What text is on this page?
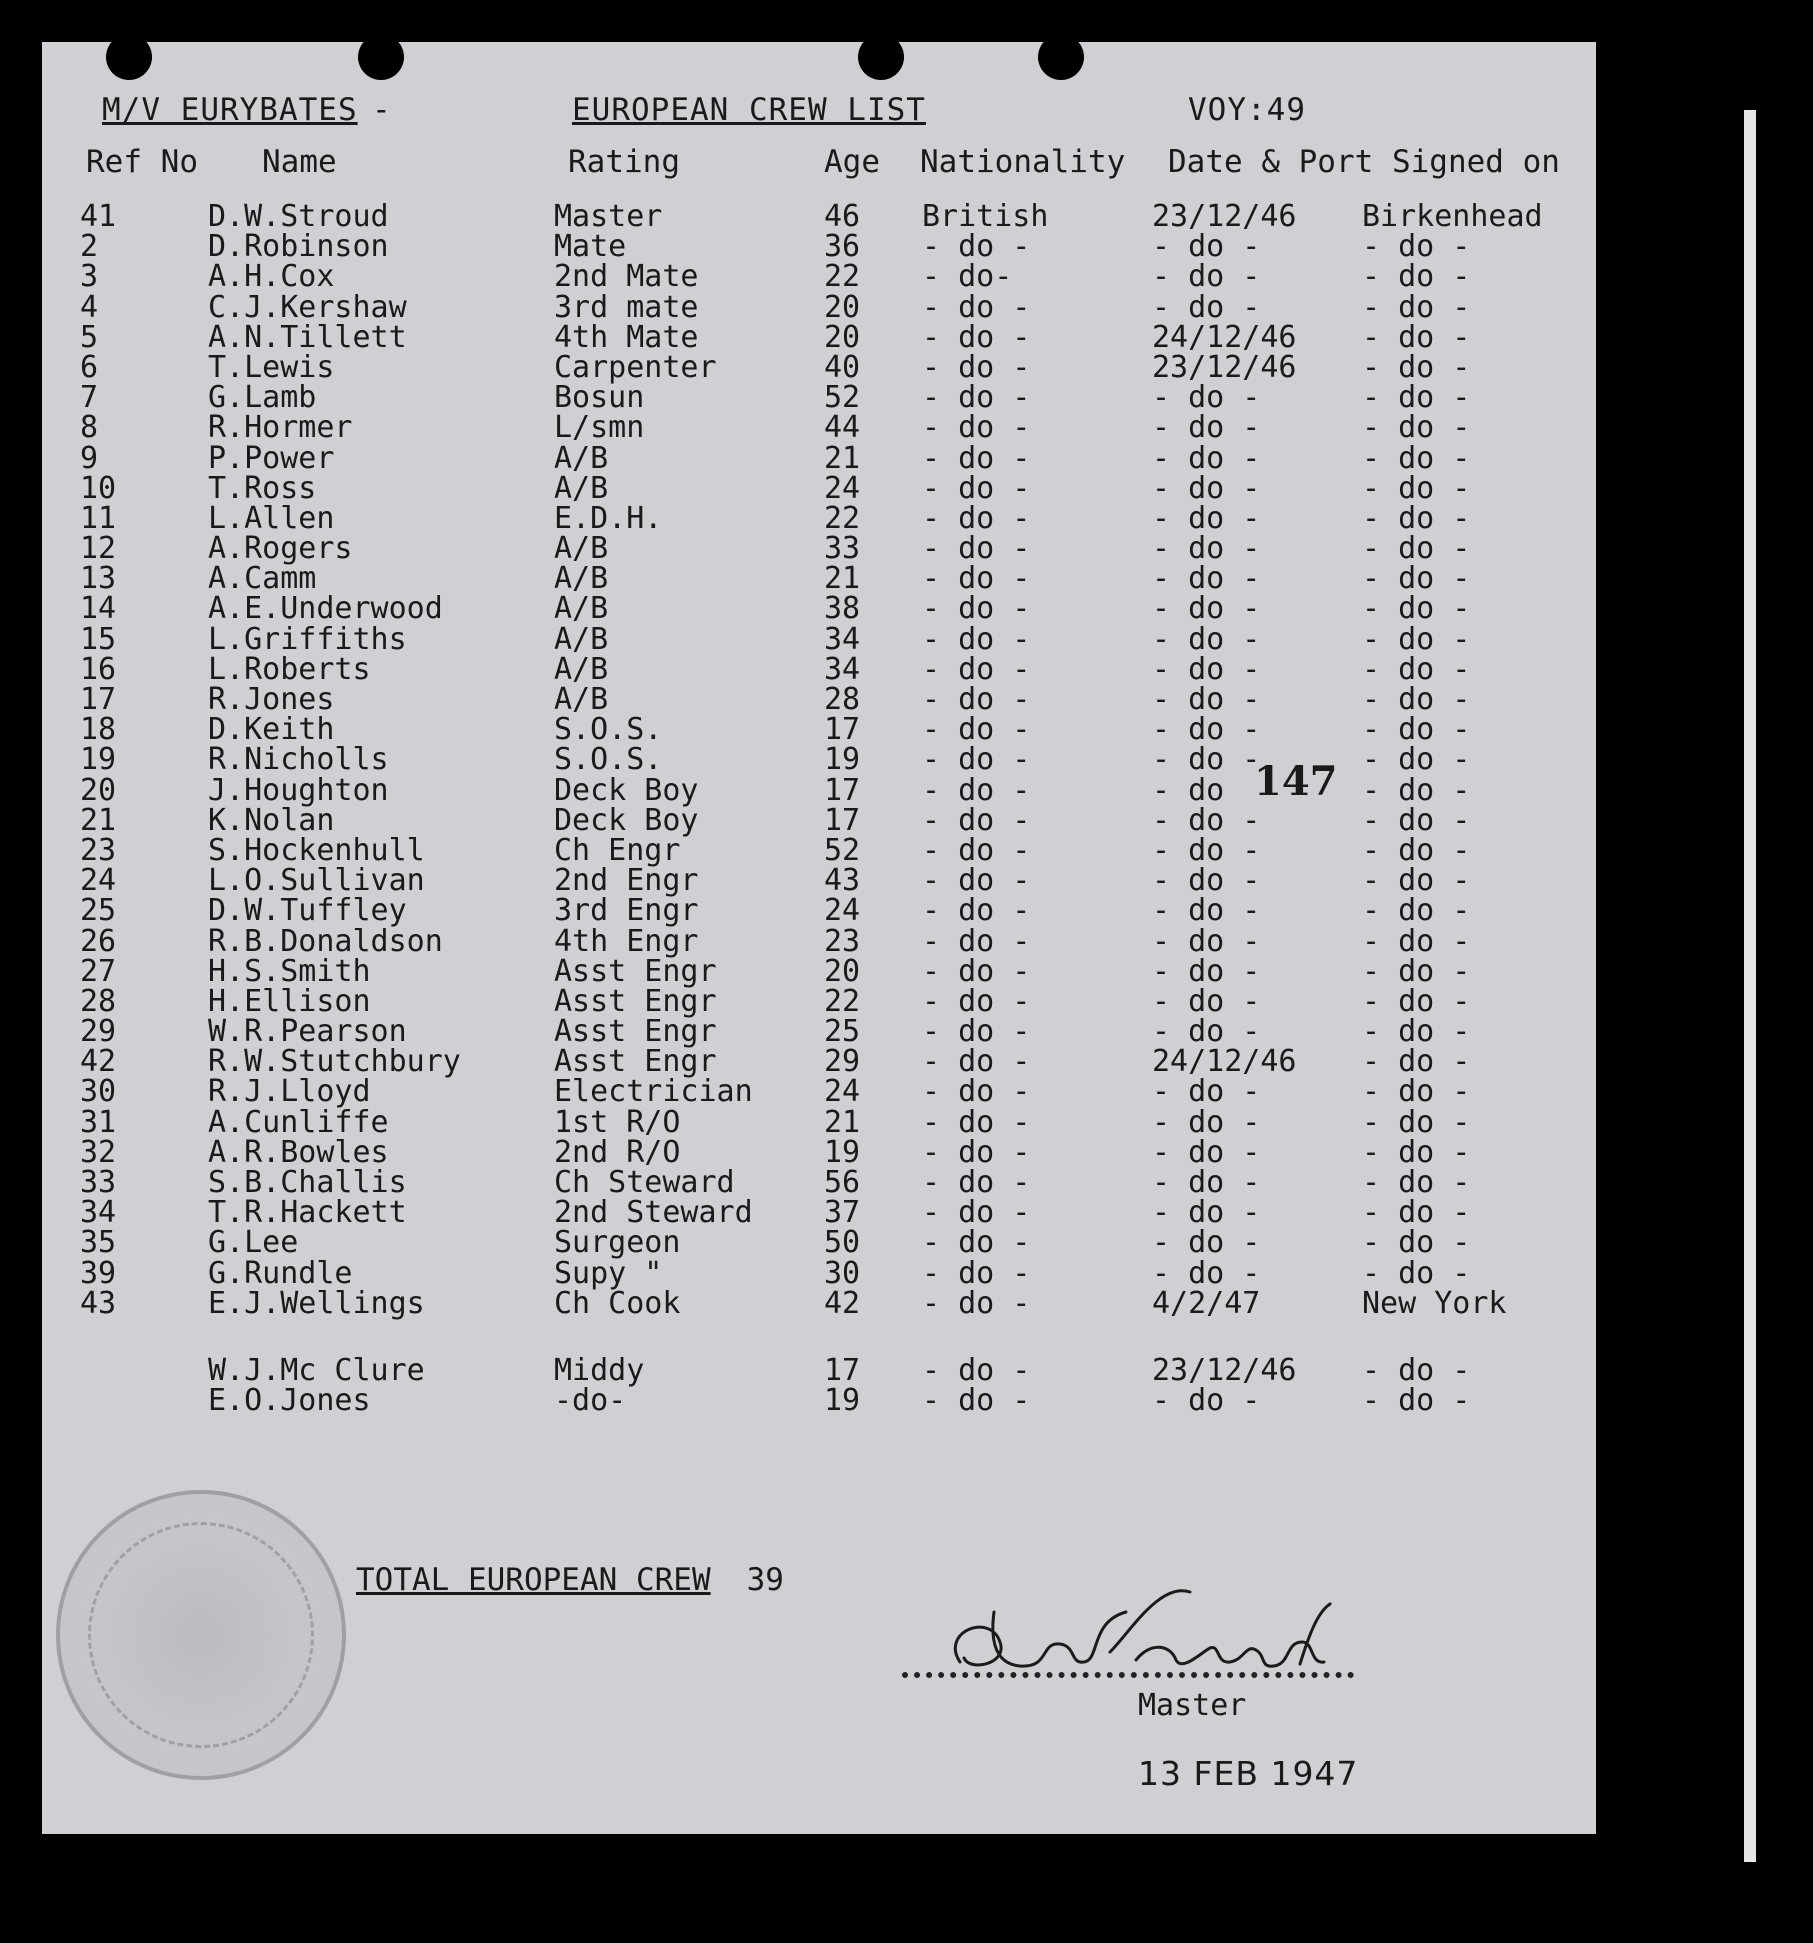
M/V EURYBATES -	EUROPEAN CREW LIST	VOY:49
Ref No Name	Rating	Age Nationality Date & Port Signed on
41	D.W.Stroud	Master	46 British	23/12/46 Birkenhead
2	D.Robinson	Mate	36 - do -	- do -	- do -
3	A.H.Cox	2nd Mate	22 - do-	- do -	- do -
4	C.J.Kershaw	3rd mate	20 - do -	- do -	- do -
5	A.N.Tillett	4th Mate	20 - do -	24/12/46 - do -
6	T.Lewis	Carpenter	40 - do -	23/12/46 - do -
7	G.Lamb	Bosun	52 - do -	- do -	- do -
8	R.Hormer	L/smn	44 - do -	- do -	- do -
9	P.Power	A/B	21 - do -	- do -	- do -
10	T.Ross	A/B	24 - do -	- do -	- do -
11	L.Allen	E.D.H.	22 - do -	- do -	- do -
12	A.Rogers	A/B	33 - do -	- do -	- do -
13	A.Camm	A/B	21 - do -	- do -	- do -
14	A.E.Underwood	A/B	38 - do -	- do -	- do -
15	L.Griffiths	A/B	34 - do -	- do -	- do -
16	L.Roberts	A/B	34 - do -	- do -	- do -
17	R.Jones	A/B	28 - do -	- do -	- do -
18	D.Keith	S.O.S.	17 - do -	- do -	- do -
19	R.Nicholls	S.O.S.	19 - do -	- do -	- do -
20	J.Houghton	Deck Boy	17 - do -	- do	- do -
21	K.Nolan	Deck Boy	17 - do -	- do -	- do -
23	S.Hockenhull	Ch Engr	52 - do -	- do -	- do -
24	L.O.Sullivan	2nd Engr	43 - do -	- do -	- do -
25	D.W.Tuffley	3rd Engr	24 - do -	- do -	- do -
26	R.B.Donaldson	4th Engr	23 - do -	- do -	- do -
27	H.S.Smith	Asst Engr	20 - do -	- do -	- do -
28	H.Ellison	Asst Engr	22 - do -	- do -	- do -
29	W.R.Pearson	Asst Engr	25 - do -	- do -	- do -
42	R.W.Stutchbury	Asst Engr	29 - do -	24/12/46 - do -
30	R.J.Lloyd	Electrician 24 - do -	- do -	- do -
31	A.Cunliffe	1st R/O	21 - do -	- do -	- do -
32	A.R.Bowles	2nd R/O	19 - do -	- do -	- do -
33	S.B.Challis	Ch Steward	56 - do -	- do -	- do -
34	T.R.Hackett	2nd Steward 37 - do -	- do -	- do -
35	G.Lee	Surgeon	50 - do -	- do -	- do -
39	G.Rundle	Supy "	30 - do -	- do -	- do -
43	E.J.Wellings	Ch Cook	42 - do -	4/2/47	New York
W.J.Mc Clure	Middy	17 - do -	23/12/46 - do -
E.O.Jones	-do-	19 - do -	- do -	- do -
147
TOTAL EUROPEAN CREW 39
Master
13 FEB 1947
